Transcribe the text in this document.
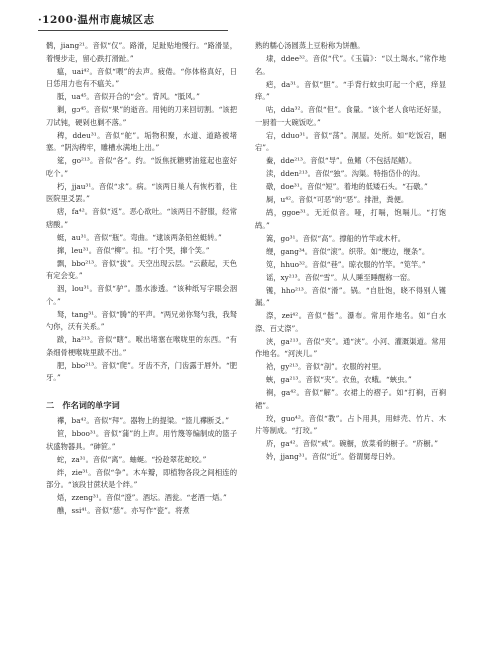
·1200·温州市鹿城区志

鹘，jiang²¹。音似“仅”。路滑，足趾贴地慢行。“路滑显，着慢步走，留心跌打滑趾。”

瘟，uai⁴²。音似“喂”的去声。疲倦。“你体格真好，日日恁用力也有不瘟关。”

胝，ua⁴⁵。音似开合的“会”。背风。“胝风。”

剿，gɔ⁴⁵。音似“果”的逝音。用钝的刀来回切割。“该把刀试钝，硬剁也剿不落。”

稗，ddeu³¹。音似“舵”。垢物积聚，水道、道路被堵塞。“阴沟稗牢，雕槽水满地上出。”

筵，go²¹³。音似“各”。约。“饭焦抚糖劈油筵起也蛮好吃个。”

朽，jjau³¹。音似“求”。病。“该两日巢人有恢朽着，住医院里爻罢。”

痞，fa⁴²。音似“返”。恶心欲吐。“该两日不舒服，经常痞酸。”

蜓，au³¹。音似“瓶”。弯曲。“逮该两条铅丝蜓转。”

撺，leu³¹。音似“柳”。扣。“打个哭，撺个笑。”

飘，bbo²¹³。音似“拔”。天空出现云层。“云蔽起，天色有定会变。”

洇，lou³¹。音似“驴”。墨水渗透。“该种纸写字眼会洇个。”

驽，tang³¹。音似“腾”的平声。“两兄弟你驽勺我，我驽勺你，沃有关系。”

跋，ha²¹³。音似“瞎”。喉出堵塞在喉咙里的东西。“有条细骨梗喉咙里跋不出。”

肥，bbo²¹³。音似“爬”。牙齿不齐，门齿露于唇外。“肥牙。”

二　作名词的单字词

襻，ba⁴²。音似“拜”。器物上的提梁。“篮儿襻断爻。”

笸，bboo³¹。音似“蒲”的上声。用竹篾等编制成的篮子状盛物器具。“砷笸。”

蛇，za³¹。音似“离”。蚰蜒。“扮趁翠花蛇咬。”

绊，zie³¹。音似“争”。木车瓣，即植物各段之间相连的部分。“该段甘蔗状是个绊。”

焐，zzeng³¹。音似“澄”。酒坛。酒瓮。“老酒一焐。”

醮，ssi⁴¹。音似“慈”。亦写作“瓷”。将煮

熟的糯心汤圆蒸上豆粉称为饼醮。

埭，ddee³²。音似“代”。《玉篇》：“以土堨水。”常作地名。

疤，da³¹。音似“胆”。“手背行蚊虫叮起一个疤，痒显痒。”

咕，dda³²。音似“但”。食量。“该个老人食咕还好显，一厨着一大碗饭吃。”

宕，dduo³¹。音似“荡”。洞屋。处所。如“吃饭宕，睏宕”。

鲞，dde²¹³。音似“导”。鱼鳍（不包括尾鳍）。

渎，dden²¹³。音似“独”。沟渠。特指岱仆的沟。

礅，doe³¹。音似“短”。着地的低矮石头。“石礅。”

屙，u⁴²。音似“可恶”的“恶”。排泄，粪便。

鸪，ggoe³¹。无近似音。哑，打嗝，饱嗝儿。“打饱鸪。”

篙，go³¹。音似“高”。撑船的竹竿或木杆。

缏，gang³⁴。音似“滚”。织带。如“缏边，缏条”。

笕，hhuo³²。音似“巷”。晾衣服的竹竿。“笕竿。”

谣，xy²¹³。音似“雪”。从人睡至睡醒称一窑。

镬，hho²¹³。音似“滑”。锅。“自肚饱，晓不得别人镬漏。”

漈，zei⁴²。音似“偕”。瀑布。常用作地名。如“白水漈、百丈漈”。

浃，ga²¹³。音似“夹”。通“浃”。小河、灌溉渠道。常用作地名。“河浃儿。”

袷，gy²¹³。音似“剖”。衣服的衬里。

蛺，ga²¹³。音似“夹”。衣鱼，衣蛾。“蛺虫。”

裥，ga⁴²。音似“解”。衣裙上的褶子。如“打裥，百裥裙”。

珓，guo⁴²。音似“教”。占卜用具，用蚌壳、竹片、木片等制成。“打珓。”

庎，ga⁴²。音似“戒”。碗橱，放菜肴的橱子。“庎橱。”

妗，jjang³¹。音似“近”。俗谓舅母日妗。
